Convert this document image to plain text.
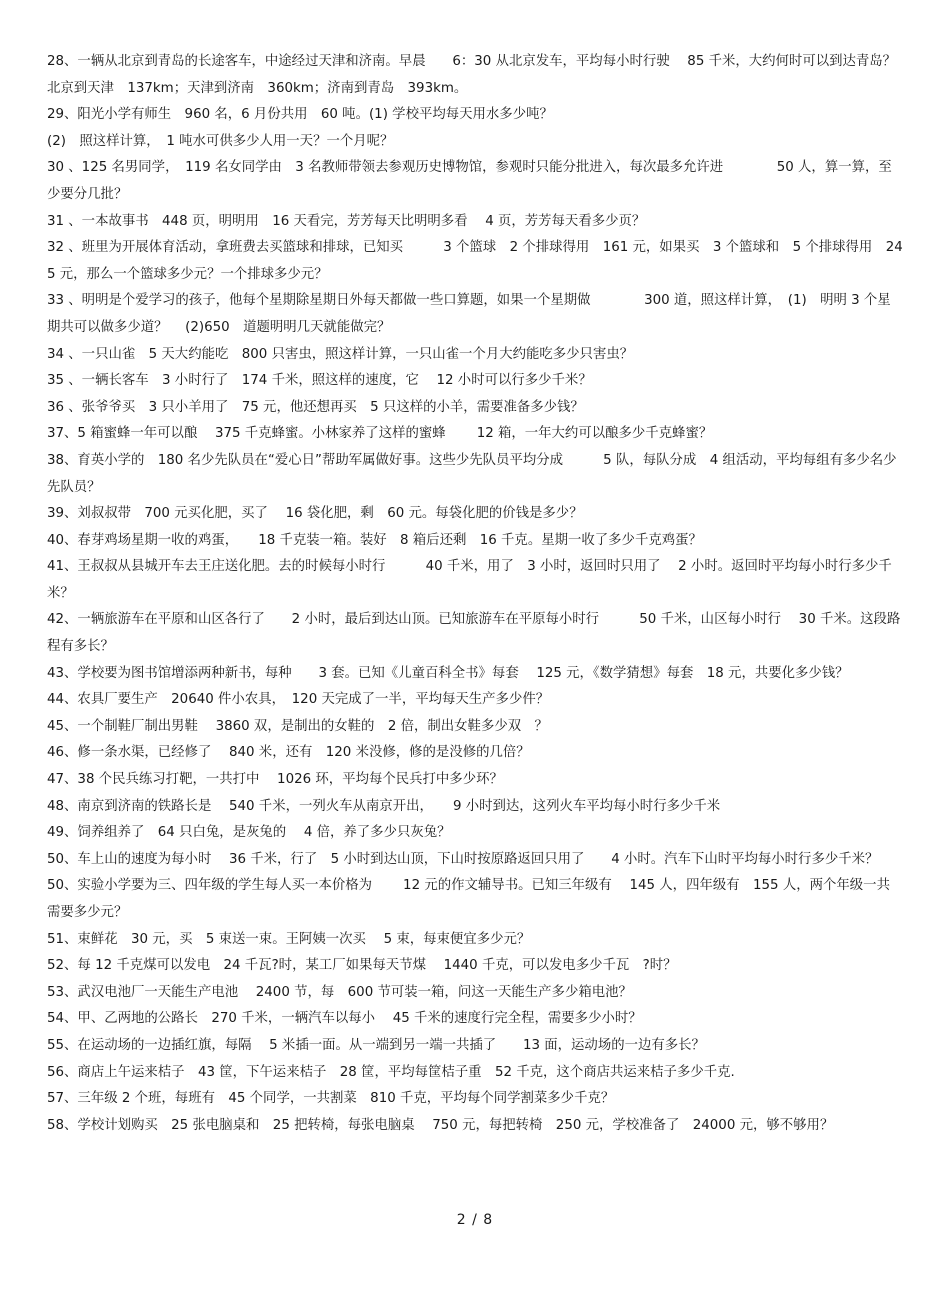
28、一辆从北京到青岛的长途客车，中途经过天津和济南。早晨　　6：30 从北京发车，平均每小时行驶　 85 千米，大约何时可以到达青岛？

北京到天津　137km；天津到济南　360km；济南到青岛　393km。

29、阳光小学有师生　960 名，6 月份共用　60 吨。(1) 学校平均每天用水多少吨？

(2)　照这样计算，　1 吨水可供多少人用一天？一个月呢？

30 、125 名男同学，　119 名女同学由　3 名教师带领去参观历史博物馆，参观时只能分批进入，每次最多允许进　　　　50 人，算一算，至少要分几批？

31 、一本故事书　448 页，明明用　16 天看完，芳芳每天比明明多看　 4 页，芳芳每天看多少页？

32 、班里为开展体育活动，拿班费去买篮球和排球，已知买　　　3 个篮球　2 个排球得用　161 元，如果买　3 个篮球和　5 个排球得用　245 元，那么一个篮球多少元？一个排球多少元？

33 、明明是个爱学习的孩子，他每个星期除星期日外每天都做一些口算题，如果一个星期做　　　　300 道，照这样计算，　(1)　明明 3 个星期共可以做多少道？　 (2)650　道题明明几天就能做完？

34 、一只山雀　5 天大约能吃　800 只害虫，照这样计算，一只山雀一个月大约能吃多少只害虫？

35 、一辆长客车　3 小时行了　174 千米，照这样的速度，它　 12 小时可以行多少千米？

36 、张爷爷买　3 只小羊用了　75 元，他还想再买　5 只这样的小羊，需要准备多少钱？

37、5 箱蜜蜂一年可以酿　 375 千克蜂蜜。小林家养了这样的蜜蜂　　 12 箱，一年大约可以酿多少千克蜂蜜？

38、育英小学的　180 名少先队员在“爱心日”帮助军属做好事。这些少先队员平均分成　　　5 队，每队分成　4 组活动，平均每组有多少名少先队员？

39、刘叔叔带　700 元买化肥，买了　 16 袋化肥，剩　60 元。每袋化肥的价钱是多少？

40、春芽鸡场星期一收的鸡蛋，　　18 千克装一箱。装好　8 箱后还剩　16 千克。星期一收了多少千克鸡蛋？

41、王叔叔从县城开车去王庄送化肥。去的时候每小时行　　　40 千米，用了　3 小时，返回时只用了　 2 小时。返回时平均每小时行多少千米？

42、一辆旅游车在平原和山区各行了　　2 小时，最后到达山顶。已知旅游车在平原每小时行　　　50 千米，山区每小时行　 30 千米。这段路程有多长？

43、学校要为图书馆增添两种新书，每种　　3 套。已知《儿童百科全书》每套　 125 元，《数学猜想》每套　18 元，共要化多少钱？

44、农具厂要生产　20640 件小农具，　120 天完成了一半，平均每天生产多少件？

45、一个制鞋厂制出男鞋　 3860 双，是制出的女鞋的　2 倍，制出女鞋多少双　？

46、修一条水渠，已经修了　 840 米，还有　120 米没修，修的是没修的几倍？

47、38 个民兵练习打靶，一共打中　 1026 环，平均每个民兵打中多少环？

48、南京到济南的铁路长是　 540 千米，一列火车从南京开出，　　9 小时到达，这列火车平均每小时行多少千米

49、饲养组养了　64 只白兔，是灰兔的　 4 倍，养了多少只灰兔？

50、车上山的速度为每小时　 36 千米，行了　5 小时到达山顶，下山时按原路返回只用了　　4 小时。汽车下山时平均每小时行多少千米？

50、实验小学要为三、四年级的学生每人买一本价格为　　 12 元的作文辅导书。已知三年级有　 145 人，四年级有　155 人，两个年级一共需要多少元？

51、束鲜花　30 元，买　5 束送一束。王阿姨一次买　 5 束，每束便宜多少元？

52、每 12 千克煤可以发电　24 千瓦?时，某工厂如果每天节煤　 1440 千克，可以发电多少千瓦　?时？

53、武汉电池厂一天能生产电池　 2400 节，每　600 节可装一箱，问这一天能生产多少箱电池？

54、甲、乙两地的公路长　270 千米，一辆汽车以每小　 45 千米的速度行完全程，需要多少小时？

55、在运动场的一边插红旗，每隔　 5 米插一面。从一端到另一端一共插了　　13 面，运动场的一边有多长？

56、商店上午运来桔子　43 筐，下午运来桔子　28 筐，平均每筐桔子重　52 千克，这个商店共运来桔子多少千克.

57、三年级 2 个班，每班有　45 个同学，一共割菜　810 千克，平均每个同学割菜多少千克？

58、学校计划购买　25 张电脑桌和　25 把转椅，每张电脑桌　 750 元，每把转椅　250 元，学校准备了　24000 元，够不够用？

2 / 8
